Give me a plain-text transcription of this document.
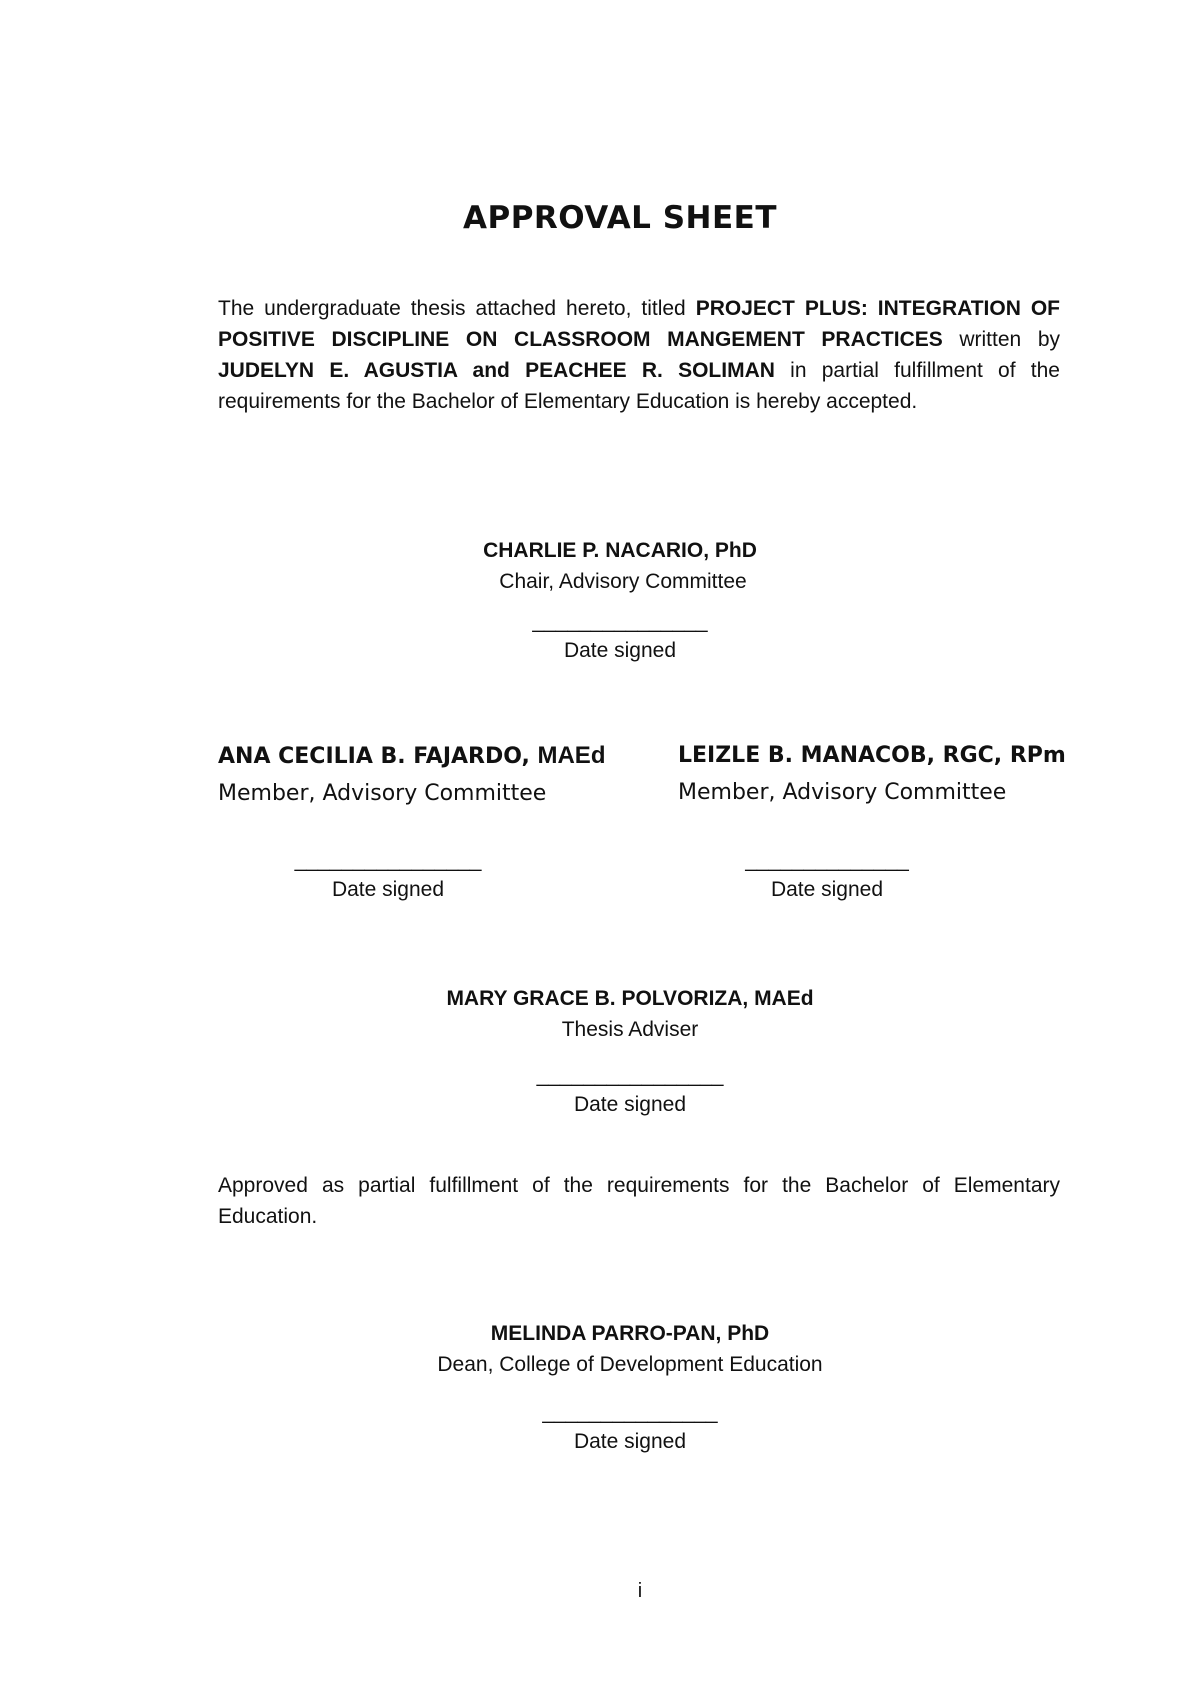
APPROVAL SHEET
The undergraduate thesis attached hereto, titled PROJECT PLUS: INTEGRATION OF POSITIVE DISCIPLINE ON CLASSROOM MANGEMENT PRACTICES written by JUDELYN E. AGUSTIA and PEACHEE R. SOLIMAN in partial fulfillment of the requirements for the Bachelor of Elementary Education is hereby accepted.
CHARLIE P. NACARIO, PhD
Chair, Advisory Committee
_______________
Date signed
ANA CECILIA B. FAJARDO, MAEd
Member, Advisory Committee
________________
Date signed
LEIZLE B. MANACOB, RGC, RPm
Member, Advisory Committee
______________
Date signed
MARY GRACE B. POLVORIZA, MAEd
Thesis Adviser
________________
Date signed
Approved as partial fulfillment of the requirements for the Bachelor of Elementary Education.
MELINDA PARRO-PAN, PhD
Dean, College of Development Education
_______________
Date signed
i
